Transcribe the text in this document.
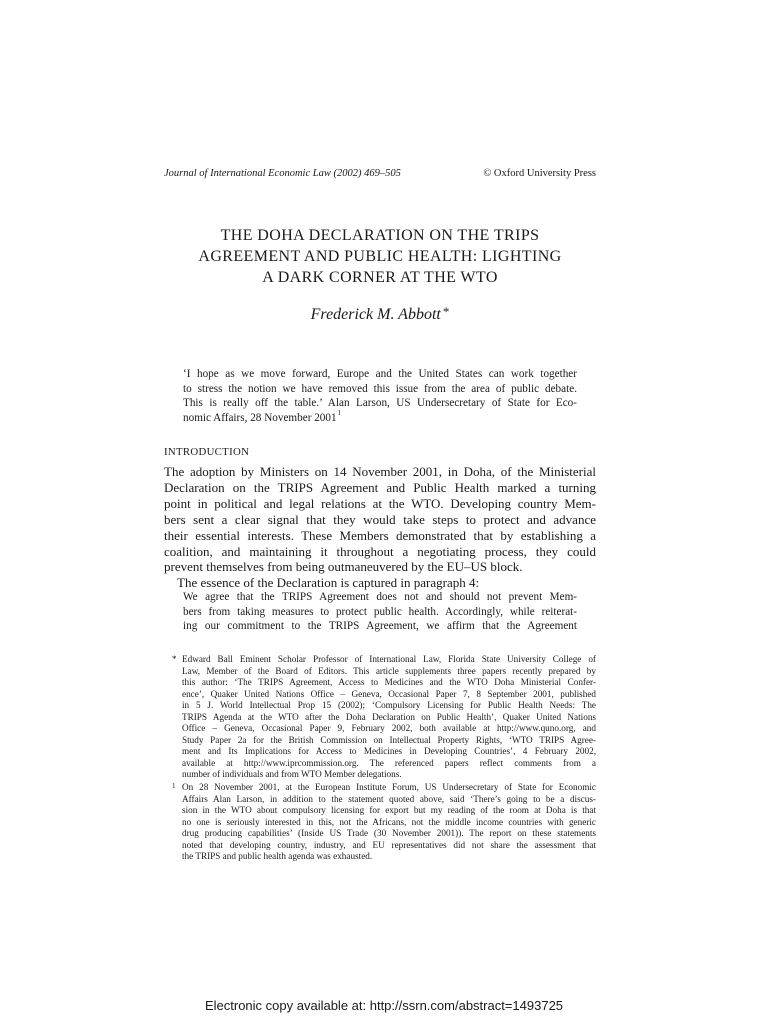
Journal of International Economic Law (2002) 469–505	© Oxford University Press
THE DOHA DECLARATION ON THE TRIPS
AGREEMENT AND PUBLIC HEALTH: LIGHTING
A DARK CORNER AT THE WTO
Frederick M. Abbott *
‘I hope as we move forward, Europe and the United States can work together
to stress the notion we have removed this issue from the area of public debate.
This is really off the table.’ Alan Larson, US Undersecretary of State for Eco-
nomic Affairs, 28 November 2001$^1$
INTRODUCTION
The adoption by Ministers on 14 November 2001, in Doha, of the Ministerial
Declaration on the TRIPS Agreement and Public Health marked a turning
point in political and legal relations at the WTO. Developing country Mem-
bers sent a clear signal that they would take steps to protect and advance
their essential interests. These Members demonstrated that by establishing a
coalition, and maintaining it throughout a negotiating process, they could
prevent themselves from being outmaneuvered by the EU–US block.
The essence of the Declaration is captured in paragraph 4:
We agree that the TRIPS Agreement does not and should not prevent Mem-
bers from taking measures to protect public health. Accordingly, while reiterat-
ing our commitment to the TRIPS Agreement, we affirm that the Agreement
* Edward Ball Eminent Scholar Professor of International Law, Florida State University College of
Law, Member of the Board of Editors. This article supplements three papers recently prepared by
this author: ‘The TRIPS Agreement, Access to Medicines and the WTO Doha Ministerial Confer-
ence’, Quaker United Nations Office – Geneva, Occasional Paper 7, 8 September 2001, published
in 5 J. World Intellectual Prop 15 (2002); ‘Compulsory Licensing for Public Health Needs: The
TRIPS Agenda at the WTO after the Doha Declaration on Public Health’, Quaker United Nations
Office – Geneva, Occasional Paper 9, February 2002, both available at http://www.quno.org, and
Study Paper 2a for the British Commission on Intellectual Property Rights, ‘WTO TRIPS Agree-
ment and Its Implications for Access to Medicines in Developing Countries’, 4 February 2002,
available at http://www.iprcommission.org. The referenced papers reflect comments from a
number of individuals and from WTO Member delegations.
1 On 28 November 2001, at the European Institute Forum, US Undersecretary of State for Economic
Affairs Alan Larson, in addition to the statement quoted above, said ‘There’s going to be a discus-
sion in the WTO about compulsory licensing for export but my reading of the room at Doha is that
no one is seriously interested in this, not the Africans, not the middle income countries with generic
drug producing capabilities’ (Inside US Trade (30 November 2001)). The report on these statements
noted that developing country, industry, and EU representatives did not share the assessment that
the TRIPS and public health agenda was exhausted.
Electronic copy available at: http://ssrn.com/abstract=1493725
